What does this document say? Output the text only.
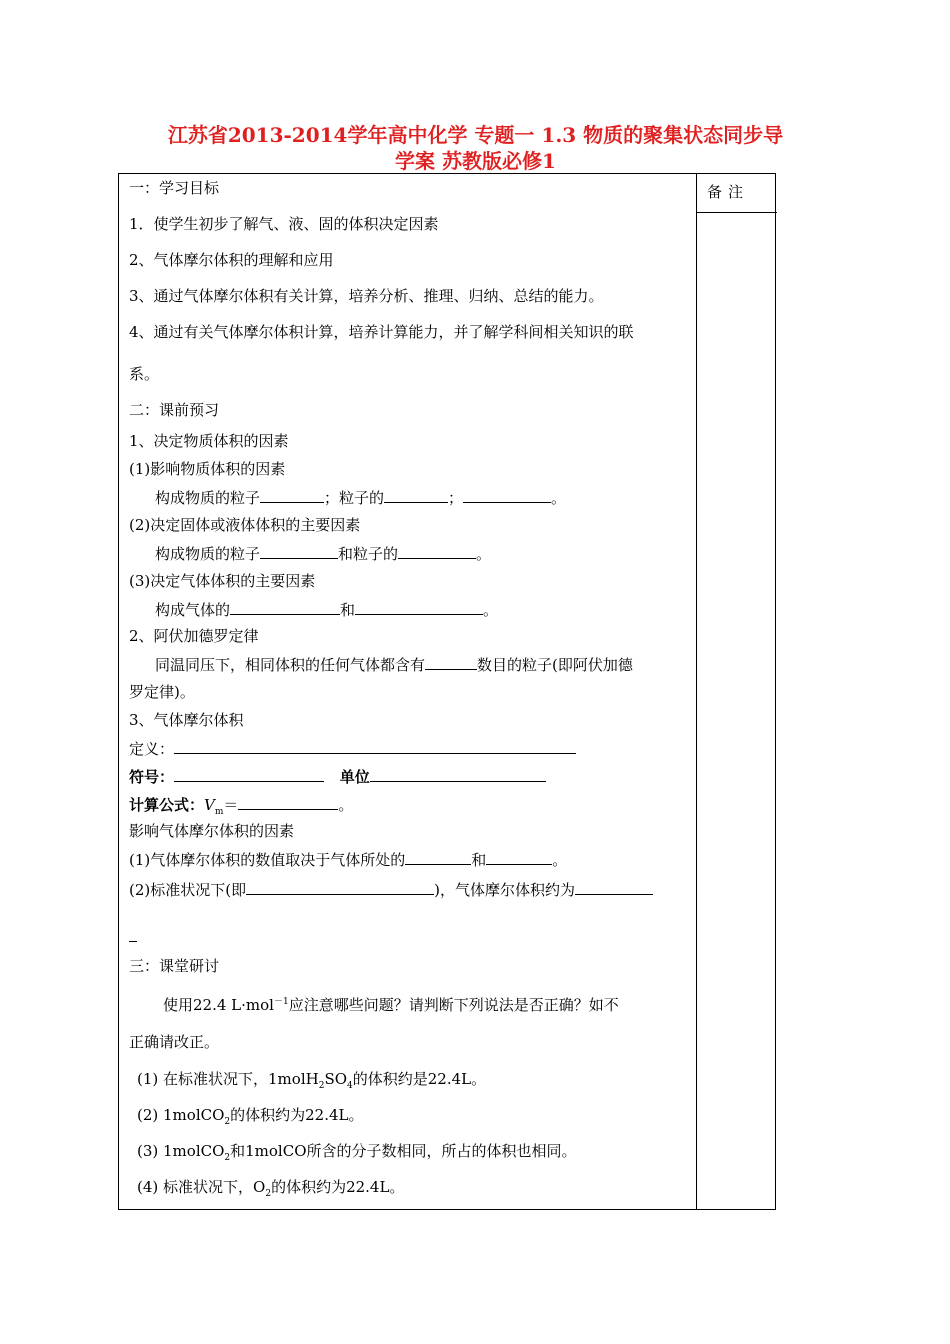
江苏省2013-2014学年高中化学 专题一 1.3 物质的聚集状态同步导
学案 苏教版必修1
备注
一：学习目标
1．使学生初步了解气、液、固的体积决定因素
2、气体摩尔体积的理解和应用
3、通过气体摩尔体积有关计算，培养分析、推理、归纳、总结的能力。
4、通过有关气体摩尔体积计算，培养计算能力，并了解学科间相关知识的联
系。
二：课前预习
1、决定物质体积的因素
(1)影响物质体积的因素
构成物质的粒子	；粒子的	；	。
(2)决定固体或液体体积的主要因素
构成物质的粒子	和粒子的	。
(3)决定气体体积的主要因素
构成气体的	和	。
2、阿伏加德罗定律
同温同压下，相同体积的任何气体都含有	数目的粒子(即阿伏加德
罗定律)。
3、气体摩尔体积
定义：
符号：	单位
计算公式：$V_m=$	。
影响气体摩尔体积的因素
(1)气体摩尔体积的数值取决于气体所处的	和	。
(2)标准状况下(即	)，气体摩尔体积约为
三：课堂研讨
使用22.4 L·mol$^{-1}$应注意哪些问题？请判断下列说法是否正确？如不
正确请改正。
(1) 在标准状况下，$1molH_2SO_4$的体积约是22.4L。
(2) 1molCO$_2$的体积约为22.4L。
(3) 1molCO$_2$和1molCO所含的分子数相同，所占的体积也相同。
(4) 标准状况下，$O_2$的体积约为22.4L。
